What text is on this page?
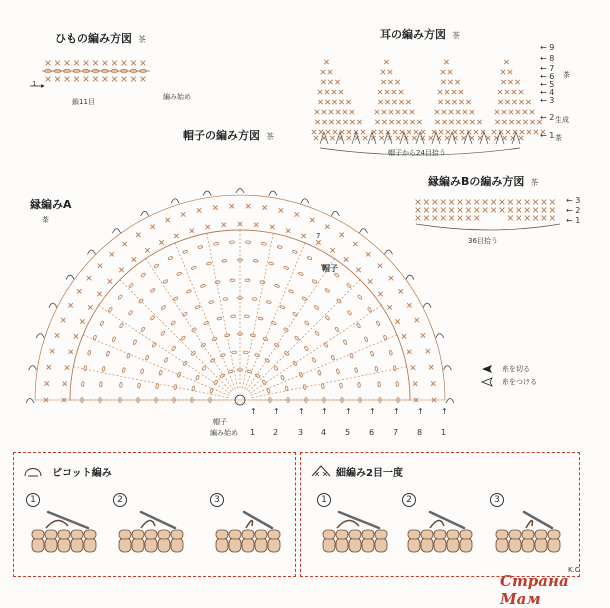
ひもの編み方図 茶
1
編み始め
鎖11目
耳の編み方図 茶
← 9
← 8
← 7
← 6
← 5
← 4
← 3
← 2
← 1
生成
茶
茶
帽子から24目拾う
帽子の編み方図 茶
縁編みA
茶
帽子
7
帽子
編み始め
↑
1
↑
2
↑
3
↑
4
↑
5
↑
6
↑
7
↑
8
↑
1
縁編みBの編み方図 茶
← 3
← 2
← 1
36目拾う
糸を切る
糸をつける
ピコット編み	細編み2目一度
1	2	3	1	2	3
K.C
Страна Мам
